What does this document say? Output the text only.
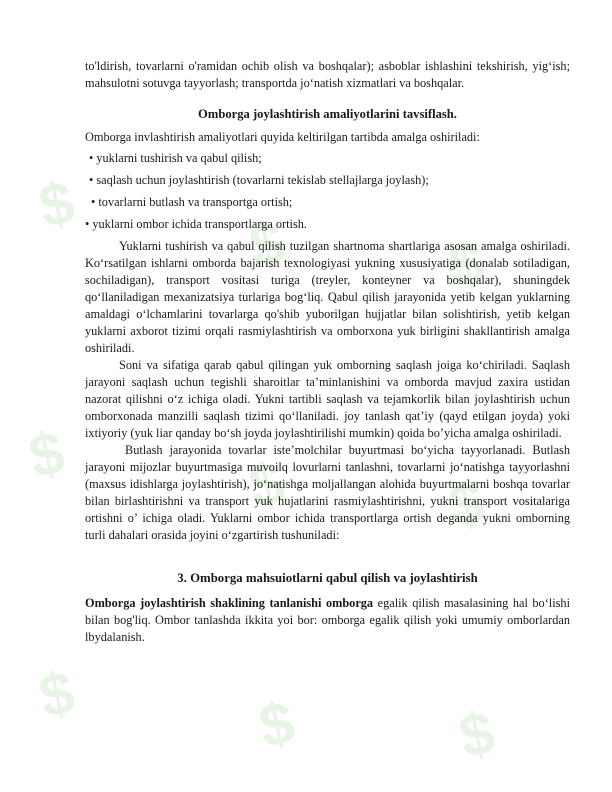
$
$	$
$	$	$
$	$	$

to'ldirish, tovarlarni o'ramidan ochib olish va boshqalar); asboblar ishlashini tekshirish, yig‘ish; mahsulotni sotuvga tayyorlash; transportda jo‘natish xizmatlari va boshqalar.

Omborga joylashtirish amaliyotlarini tavsiflash.

Omborga invlashtirish amaliyotlari quyida keltirilgan tartibda amalga oshiriladi:

• yuklarni tushirish va qabul qilish;

• saqlash uchun joylashtirish (tovarlarni tekislab stellajlarga joylash);

• tovarlarni butlash va transportga ortish;

• yuklarni ombor ichida transportlarga ortish.

Yuklarni tushirish va qabul qilish tuzilgan shartnoma shartlariga asosan amalga oshiriladi. Ko‘rsatilgan ishlarni omborda bajarish texnologiyasi yukning xususiyatiga (donalab sotiladigan, sochiladigan), transport vositasi turiga (treyler, konteyner va boshqalar), shuningdek qo‘llaniladigan mexanizatsiya turlariga bog‘liq. Qabul qilish jarayonida yetib kelgan yuklarning amaldagi o‘lchamlarini tovarlarga qo'shib yuborilgan hujjatlar bilan solishtirish, yetib kelgan yuklarni axborot tizimi orqali rasmiylashtirish va omborxona yuk birligini shakllantirish amalga oshiriladi.

Soni va sifatiga qarab qabul qilingan yuk omborning saqlash joiga ko‘chiriladi. Saqlash jarayoni saqlash uchun tegishli sharoitlar ta’minlanishini va omborda mavjud zaxira ustidan nazorat qilishni o‘z ichiga oladi. Yukni tartibli saqlash va tejamkorlik bilan joylashtirish uchun omborxonada manzilli saqlash tizimi qo‘llaniladi. joy tanlash qat’iy (qayd etilgan joyda) yoki ixtiyoriy (yuk liar qanday bo‘sh joyda joylashtirilishi mumkin) qoida bo’yicha amalga oshiriladi.

Butlash jarayonida tovarlar iste’molchilar buyurtmasi bo‘yicha tayyorlanadi. Butlash jarayoni mijozlar buyurtmasiga muvoilq lovurlarni tanlashni, tovarlarni jo‘natishga tayyorlashni (maxsus idishlarga joylashtirish), jo‘natishga moljallangan alohida buyurtmalarni boshqa tovarlar bilan birlashtirishni va transport yuk hujatlarini rasmiylashtirishni, yukni transport vositalariga ortishni o’ ichiga oladi. Yuklarni ombor ichida transportlarga ortish deganda yukni omborning turli dahalari orasida joyini o‘zgartirish tushuniladi:

3. Omborga mahsuiotlarni qabul qilish va joylashtirish

Omborga joylashtirish shaklining tanlanishi omborga egalik qilish masalasining hal bo‘lishi bilan bog'liq. Ombor tanlashda ikkita yoi bor: omborga egalik qilish yoki umumiy omborlardan lbydalanish.
